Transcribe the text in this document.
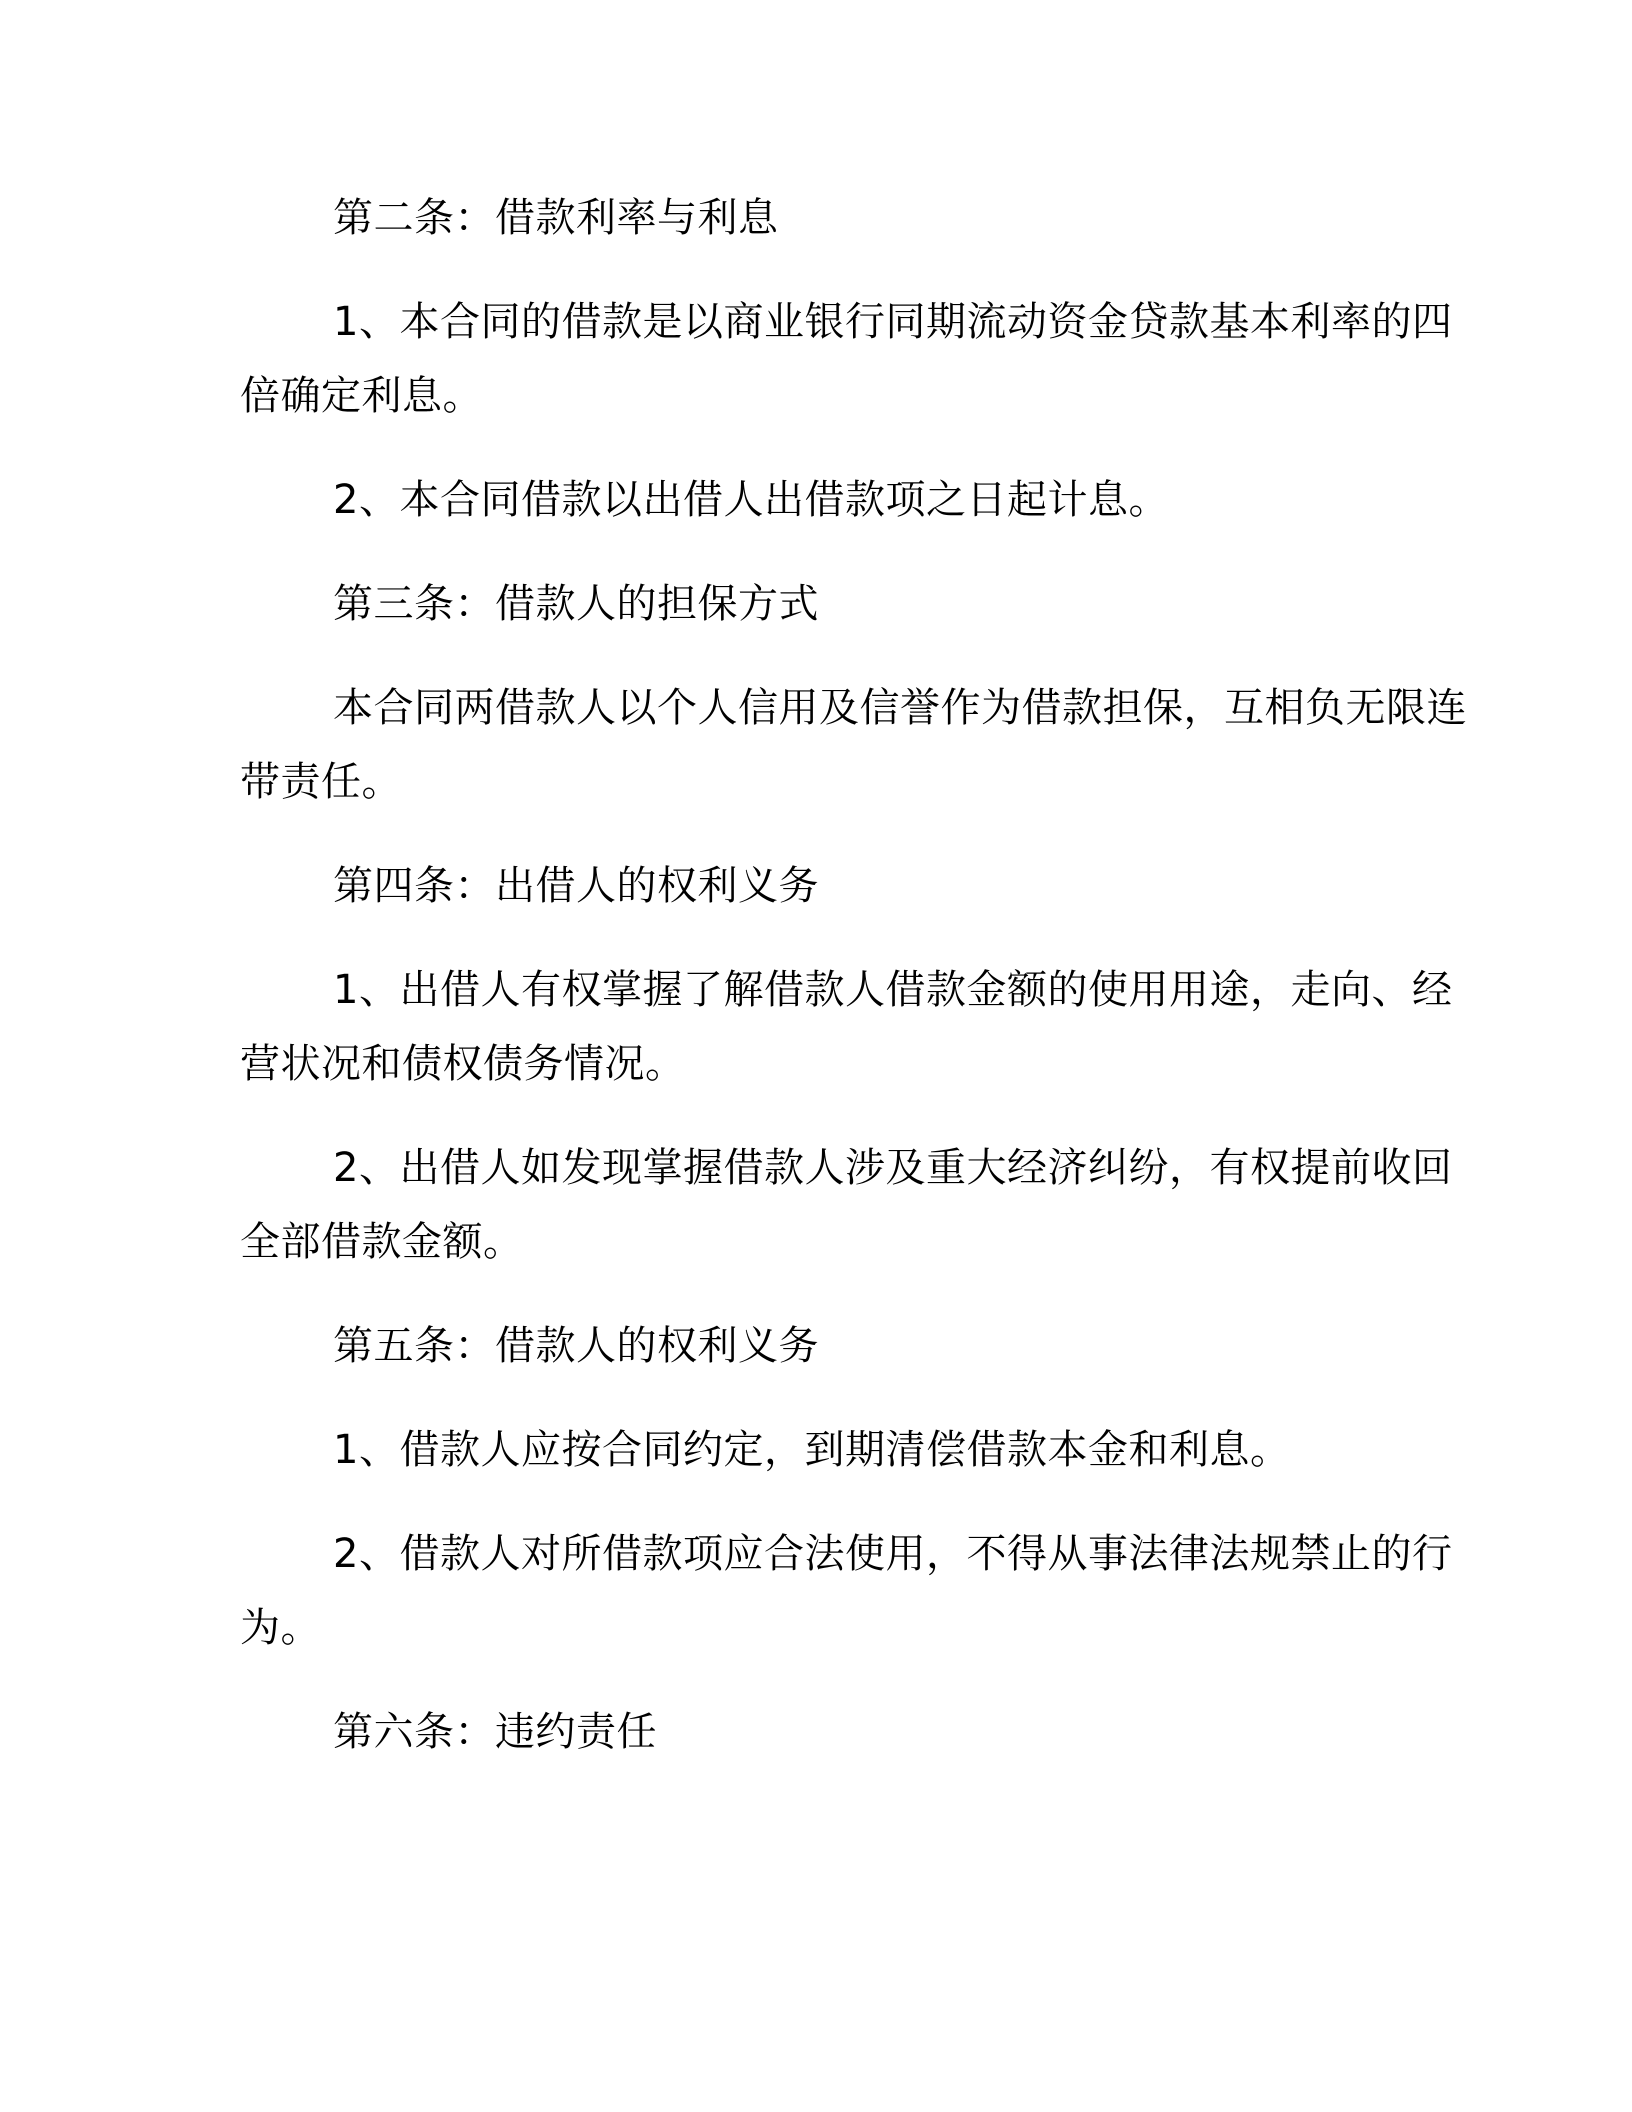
第二条：借款利率与利息
1、本合同的借款是以商业银行同期流动资金贷款基本利率的四
倍确定利息。
2、本合同借款以出借人出借款项之日起计息。
第三条：借款人的担保方式
本合同两借款人以个人信用及信誉作为借款担保，互相负无限连
带责任。
第四条：出借人的权利义务
1、出借人有权掌握了解借款人借款金额的使用用途，走向、经
营状况和债权债务情况。
2、出借人如发现掌握借款人涉及重大经济纠纷，有权提前收回
全部借款金额。
第五条：借款人的权利义务
1、借款人应按合同约定，到期清偿借款本金和利息。
2、借款人对所借款项应合法使用，不得从事法律法规禁止的行
为。
第六条：违约责任
